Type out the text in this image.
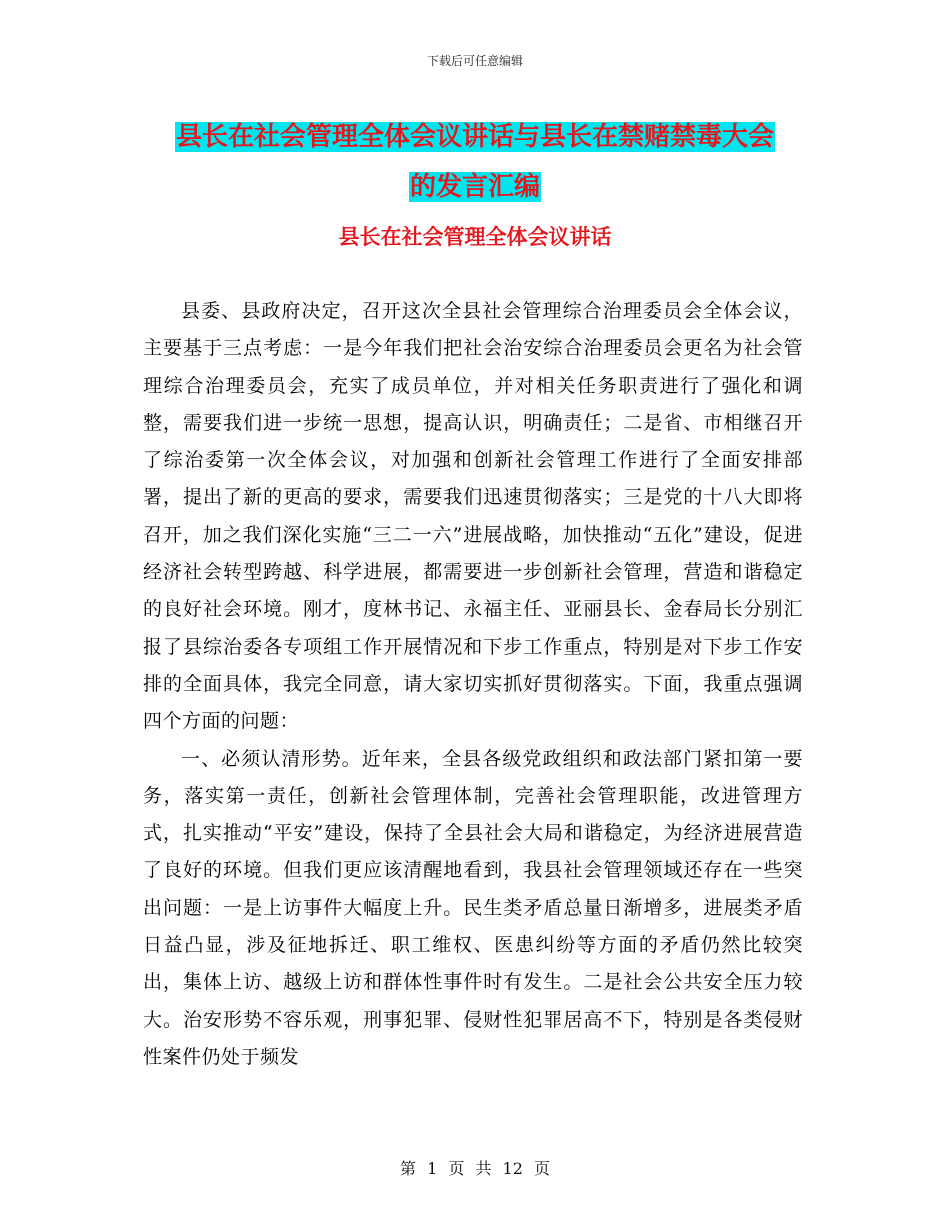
下载后可任意编辑
县长在社会管理全体会议讲话与县长在禁赌禁毒大会
的发言汇编
县长在社会管理全体会议讲话

县委、县政府决定，召开这次全县社会管理综合治理委员会全体会议，主要基于三点考虑：一是今年我们把社会治安综合治理委员会更名为社会管理综合治理委员会，充实了成员单位，并对相关任务职责进行了强化和调整，需要我们进一步统一思想，提高认识，明确责任；二是省、市相继召开了综治委第一次全体会议，对加强和创新社会管理工作进行了全面安排部署，提出了新的更高的要求，需要我们迅速贯彻落实；三是党的十八大即将召开，加之我们深化实施“三二一六”进展战略，加快推动“五化”建设，促进经济社会转型跨越、科学进展，都需要进一步创新社会管理，营造和谐稳定的良好社会环境。刚才，度林书记、永福主任、亚丽县长、金春局长分别汇报了县综治委各专项组工作开展情况和下步工作重点，特别是对下步工作安排的全面具体，我完全同意，请大家切实抓好贯彻落实。下面，我重点强调四个方面的问题：

一、必须认清形势。近年来，全县各级党政组织和政法部门紧扣第一要务，落实第一责任，创新社会管理体制，完善社会管理职能，改进管理方式，扎实推动“平安”建设，保持了全县社会大局和谐稳定，为经济进展营造了良好的环境。但我们更应该清醒地看到，我县社会管理领域还存在一些突出问题：一是上访事件大幅度上升。民生类矛盾总量日渐增多，进展类矛盾日益凸显，涉及征地拆迁、职工维权、医患纠纷等方面的矛盾仍然比较突出，集体上访、越级上访和群体性事件时有发生。二是社会公共安全压力较大。治安形势不容乐观，刑事犯罪、侵财性犯罪居高不下，特别是各类侵财性案件仍处于频发

第 1 页 共 12 页
